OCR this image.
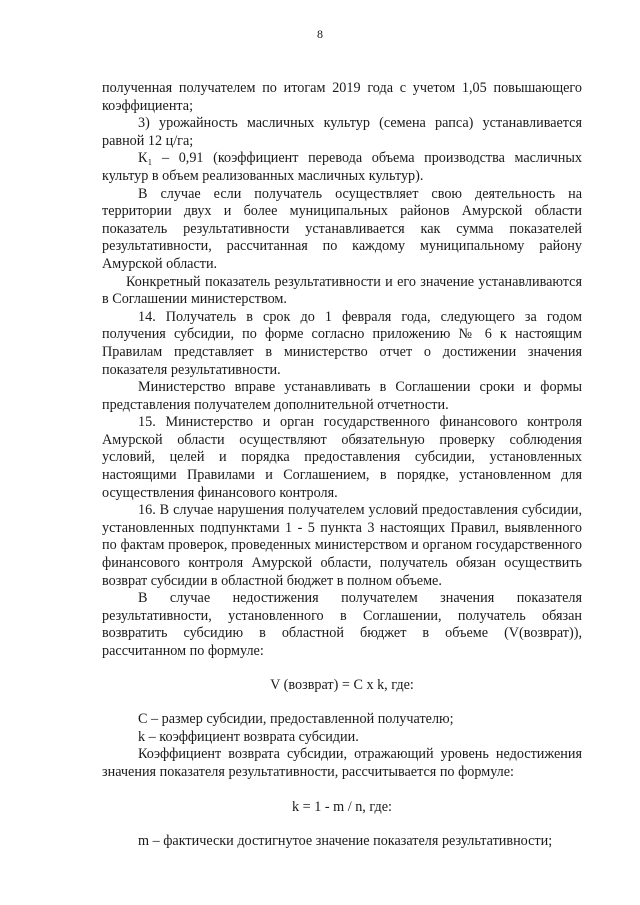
8

полученная получателем по итогам 2019 года с учетом 1,05 повышающего коэффициента;

3) урожайность масличных культур (семена рапса) устанавливается равной 12 ц/га;

К₁ – 0,91 (коэффициент перевода объема производства масличных культур в объем реализованных масличных культур).

В случае если получатель осуществляет свою деятельность на территории двух и более муниципальных районов Амурской области показатель результативности устанавливается как сумма показателей результативности, рассчитанная по каждому муниципальному району Амурской области.

Конкретный показатель результативности и его значение устанавливаются в Соглашении министерством.

14. Получатель в срок до 1 февраля года, следующего за годом получения субсидии, по форме согласно приложению № 6 к настоящим Правилам представляет в министерство отчет о достижении значения показателя результативности.

Министерство вправе устанавливать в Соглашении сроки и формы представления получателем дополнительной отчетности.

15. Министерство и орган государственного финансового контроля Амурской области осуществляют обязательную проверку соблюдения условий, целей и порядка предоставления субсидии, установленных настоящими Правилами и Соглашением, в порядке, установленном для осуществления финансового контроля.

16. В случае нарушения получателем условий предоставления субсидии, установленных подпунктами 1 - 5 пункта 3 настоящих Правил, выявленного по фактам проверок, проведенных министерством и органом государственного финансового контроля Амурской области, получатель обязан осуществить возврат субсидии в областной бюджет в полном объеме.

В случае недостижения получателем значения показателя результативности, установленного в Соглашении, получатель обязан возвратить субсидию в областной бюджет в объеме (V(возврат)), рассчитанном по формуле:

V (возврат) = C x k, где:

C – размер субсидии, предоставленной получателю;

k – коэффициент возврата субсидии.

Коэффициент возврата субсидии, отражающий уровень недостижения значения показателя результативности, рассчитывается по формуле:

k = 1 - m / n, где:

m – фактически достигнутое значение показателя результативности;
